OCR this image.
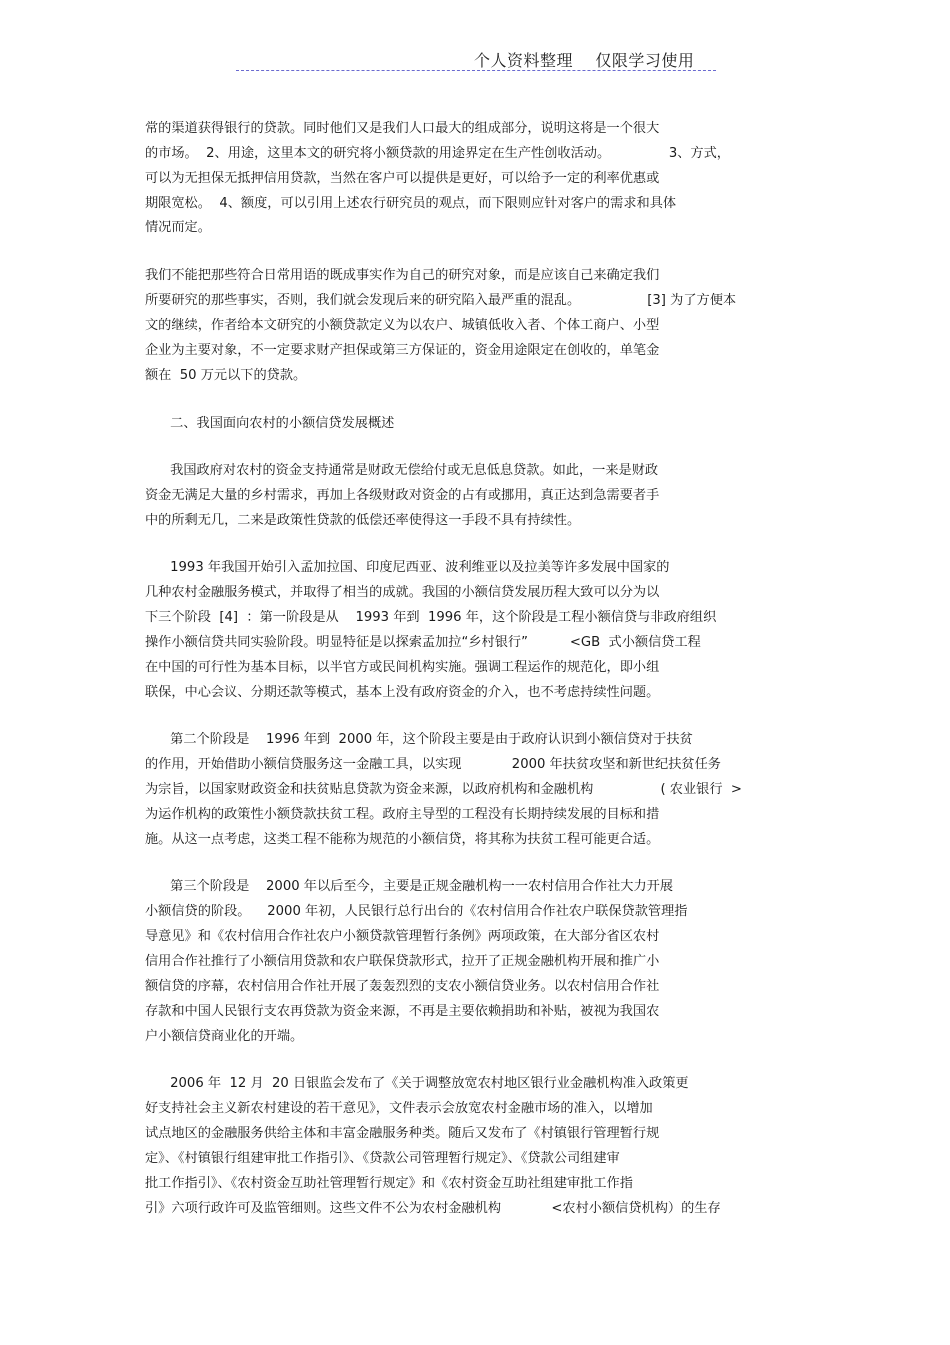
个人资料整理    仅限学习使用
常的渠道获得银行的贷款。同时他们又是我们人口最大的组成部分，说明这将是一个很大
的市场。  2、用途，这里本文的研究将小额贷款的用途界定在生产性创收活动。              3、方式，
可以为无担保无抵押信用贷款，当然在客户可以提供是更好，可以给予一定的利率优惠或
期限宽松。  4、额度，可以引用上述农行研究员的观点，而下限则应针对客户的需求和具体
情况而定。
我们不能把那些符合日常用语的既成事实作为自己的研究对象，而是应该自己来确定我们
所要研究的那些事实，否则，我们就会发现后来的研究陷入最严重的混乱。                [3] 为了方便本
文的继续，作者给本文研究的小额贷款定义为以农户、城镇低收入者、个体工商户、小型
企业为主要对象，不一定要求财产担保或第三方保证的，资金用途限定在创收的，单笔金
额在  50 万元以下的贷款。
二、我国面向农村的小额信贷发展概述
我国政府对农村的资金支持通常是财政无偿给付或无息低息贷款。如此，一来是财政
资金无满足大量的乡村需求，再加上各级财政对资金的占有或挪用，真正达到急需要者手
中的所剩无几，二来是政策性贷款的低偿还率使得这一手段不具有持续性。
1993 年我国开始引入孟加拉国、印度尼西亚、波利维亚以及拉美等许多发展中国家的
几种农村金融服务模式，并取得了相当的成就。我国的小额信贷发展历程大致可以分为以
下三个阶段  [4]  ：第一阶段是从    1993 年到  1996 年，这个阶段是工程小额信贷与非政府组织
操作小额信贷共同实验阶段。明显特征是以探索孟加拉“乡村银行”          <GB  式小额信贷工程
在中国的可行性为基本目标，以半官方或民间机构实施。强调工程运作的规范化，即小组
联保，中心会议、分期还款等模式，基本上没有政府资金的介入，也不考虑持续性问题。
第二个阶段是    1996 年到  2000 年，这个阶段主要是由于政府认识到小额信贷对于扶贫
的作用，开始借助小额信贷服务这一金融工具，以实现            2000 年扶贫攻坚和新世纪扶贫任务
为宗旨，以国家财政资金和扶贫贴息贷款为资金来源，以政府机构和金融机构                ( 农业银行  >
为运作机构的政策性小额贷款扶贫工程。政府主导型的工程没有长期持续发展的目标和措
施。从这一点考虑，这类工程不能称为规范的小额信贷，将其称为扶贫工程可能更合适。
第三个阶段是    2000 年以后至今，主要是正规金融机构一一农村信用合作社大力开展
小额信贷的阶段。    2000 年初，人民银行总行出台的《农村信用合作社农户联保贷款管理指
导意见》和《农村信用合作社农户小额贷款管理暂行条例》两项政策，在大部分省区农村
信用合作社推行了小额信用贷款和农户联保贷款形式，拉开了正规金融机构开展和推广小
额信贷的序幕，农村信用合作社开展了轰轰烈烈的支农小额信贷业务。以农村信用合作社
存款和中国人民银行支农再贷款为资金来源，不再是主要依赖捐助和补贴，被视为我国农
户小额信贷商业化的开端。
2006 年  12 月  20 日银监会发布了《关于调整放宽农村地区银行业金融机构准入政策更
好支持社会主义新农村建设的若干意见》，文件表示会放宽农村金融市场的准入，以增加
试点地区的金融服务供给主体和丰富金融服务种类。随后又发布了《村镇银行管理暂行规
定》、《村镇银行组建审批工作指引》、《贷款公司管理暂行规定》、《贷款公司组建审
批工作指引》、《农村资金互助社管理暂行规定》和《农村资金互助社组建审批工作指
引》六项行政许可及监管细则。这些文件不公为农村金融机构            <农村小额信贷机构）的生存
